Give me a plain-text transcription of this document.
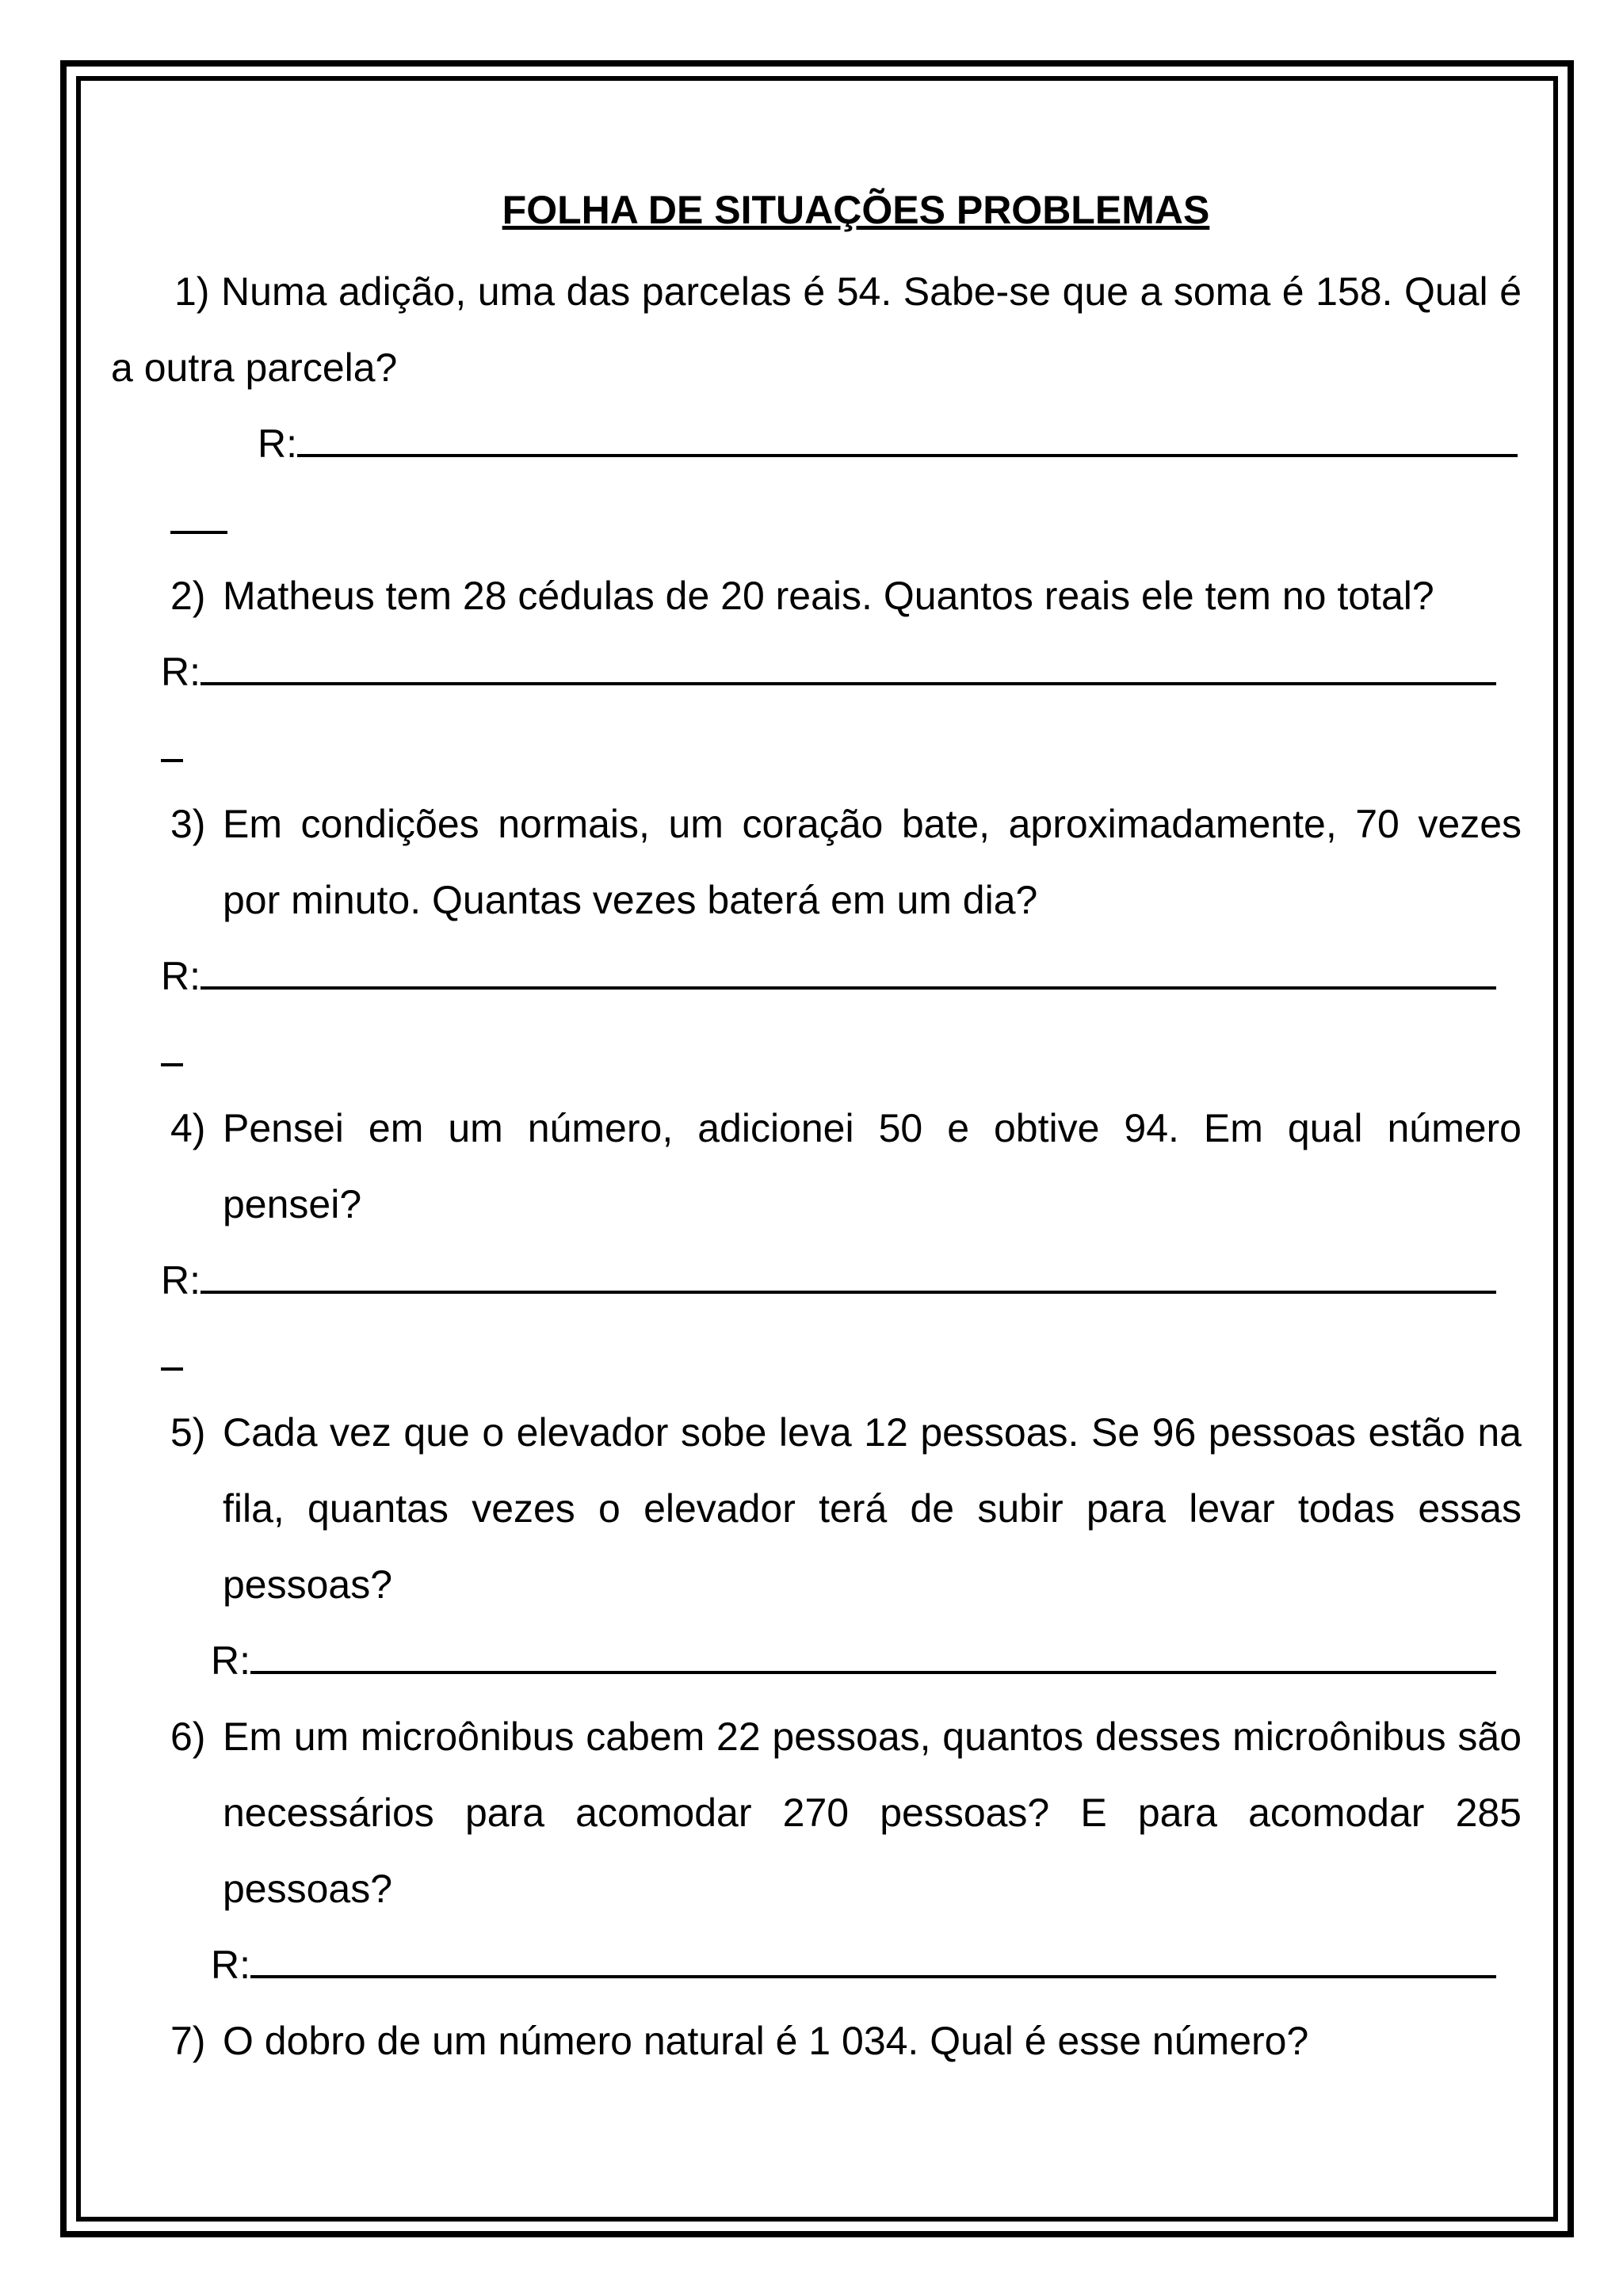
FOLHA DE SITUAÇÕES PROBLEMAS
1) Numa adição, uma das parcelas é 54. Sabe-se que a soma é 158. Qual é a outra parcela?
R:
2) Matheus tem 28 cédulas de 20 reais. Quantos reais ele tem no total?
R:
3) Em condições normais, um coração bate, aproximadamente, 70 vezes por minuto. Quantas vezes baterá em um dia?
R:
4) Pensei em um número, adicionei 50 e obtive 94. Em qual número pensei?
R:
5) Cada vez que o elevador sobe leva 12 pessoas. Se 96 pessoas estão na fila, quantas vezes o elevador terá de subir para levar todas essas pessoas?
R:
6) Em um microônibus cabem 22 pessoas, quantos desses microônibus são necessários para acomodar 270 pessoas? E para acomodar 285 pessoas?
R:
7) O dobro de um número natural é 1 034. Qual é esse número?
